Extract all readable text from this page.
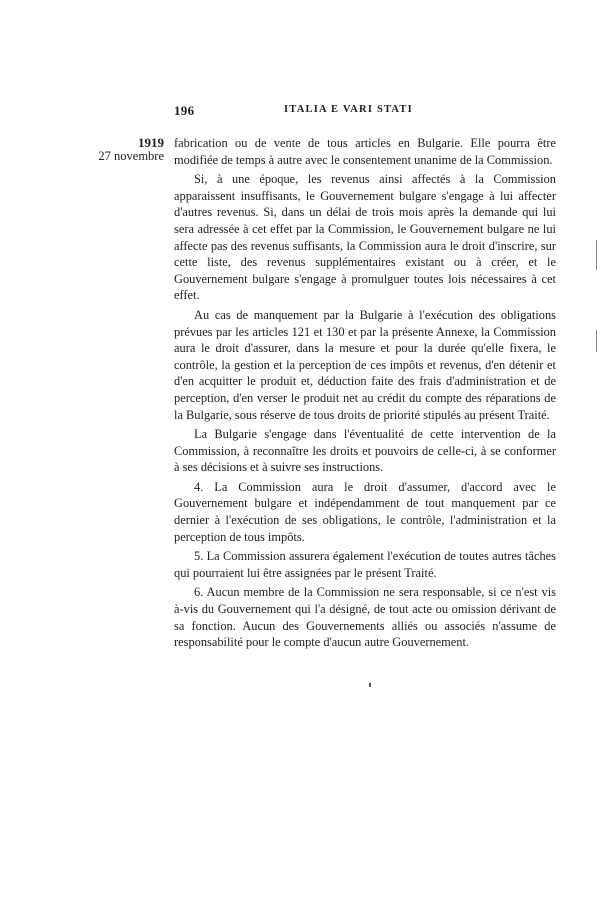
196	ITALIA E VARI STATI
1919
27 novembre

fabrication ou de vente de tous articles en Bulgarie. Elle pourra être modifiée de temps à autre avec le consentement unanime de la Commission.

Si, à une époque, les revenus ainsi affectés à la Commission apparaissent insuffisants, le Gouvernement bulgare s'engage à lui affecter d'autres revenus. Si, dans un délai de trois mois après la demande qui lui sera adressée à cet effet par la Commission, le Gouvernement bulgare ne lui affecte pas des revenus suffisants, la Commission aura le droit d'inscrire, sur cette liste, des revenus supplémentaires existant ou à créer, et le Gouvernement bulgare s'engage à promulguer toutes lois nécessaires à cet effet.

Au cas de manquement par la Bulgarie à l'exécution des obligations prévues par les articles 121 et 130 et par la présente Annexe, la Commission aura le droit d'assurer, dans la mesure et pour la durée qu'elle fixera, le contrôle, la gestion et la perception de ces impôts et revenus, d'en détenir et d'en acquitter le produit et, déduction faite des frais d'administration et de perception, d'en verser le produit net au crédit du compte des réparations de la Bulgarie, sous réserve de tous droits de priorité stipulés au présent Traité.

La Bulgarie s'engage dans l'éventualité de cette intervention de la Commission, à reconnaître les droits et pouvoirs de celle-ci, à se conformer à ses décisions et à suivre ses instructions.

4. La Commission aura le droit d'assumer, d'accord avec le Gouvernement bulgare et indépendamment de tout manquement par ce dernier à l'exécution de ses obligations, le contrôle, l'administration et la perception de tous impôts.

5. La Commission assurera également l'exécution de toutes autres tâches qui pourraient lui être assignées par le présent Traité.

6. Aucun membre de la Commission ne sera responsable, si ce n'est vis à-vis du Gouvernement qui l'a désigné, de tout acte ou omission dérivant de sa fonction. Aucun des Gouvernements alliés ou associés n'assume de responsabilité pour le compte d'aucun autre Gouvernement.
